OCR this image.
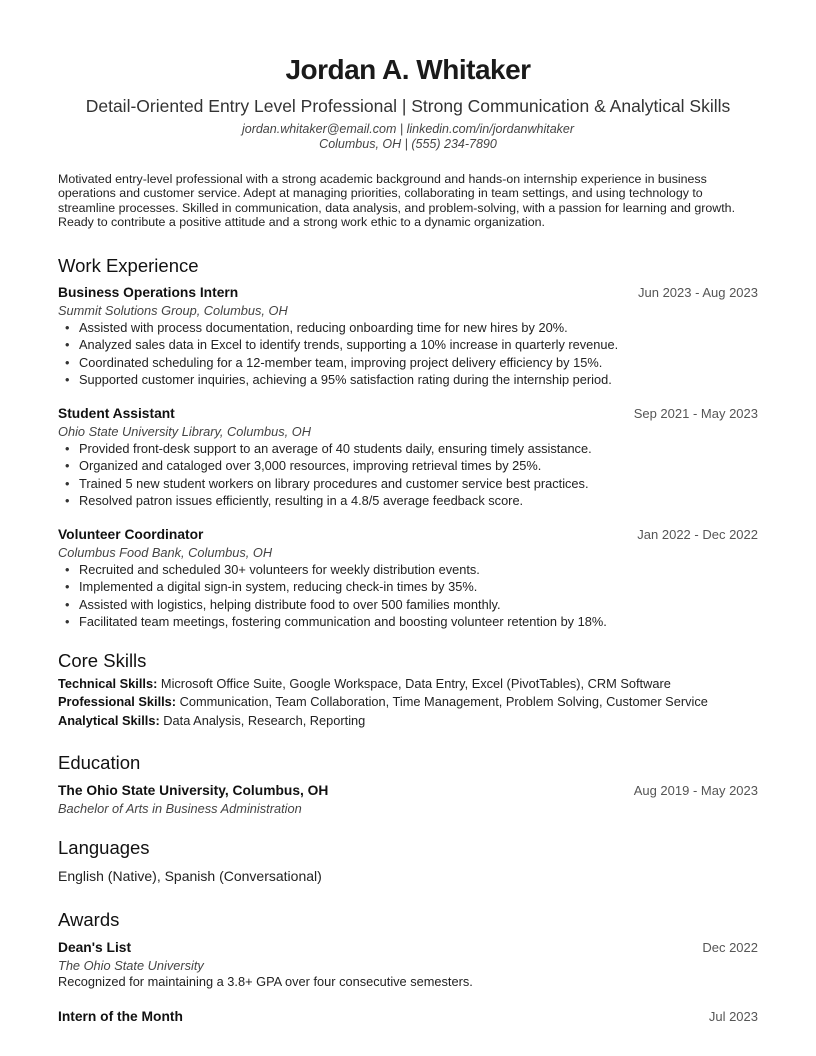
Jordan A. Whitaker
Detail-Oriented Entry Level Professional | Strong Communication & Analytical Skills
jordan.whitaker@email.com | linkedin.com/in/jordanwhitaker
Columbus, OH | (555) 234-7890
Motivated entry-level professional with a strong academic background and hands-on internship experience in business operations and customer service. Adept at managing priorities, collaborating in team settings, and using technology to streamline processes. Skilled in communication, data analysis, and problem-solving, with a passion for learning and growth. Ready to contribute a positive attitude and a strong work ethic to a dynamic organization.
Work Experience
Business Operations Intern	Jun 2023 - Aug 2023
Summit Solutions Group, Columbus, OH
• Assisted with process documentation, reducing onboarding time for new hires by 20%.
• Analyzed sales data in Excel to identify trends, supporting a 10% increase in quarterly revenue.
• Coordinated scheduling for a 12-member team, improving project delivery efficiency by 15%.
• Supported customer inquiries, achieving a 95% satisfaction rating during the internship period.
Student Assistant	Sep 2021 - May 2023
Ohio State University Library, Columbus, OH
• Provided front-desk support to an average of 40 students daily, ensuring timely assistance.
• Organized and cataloged over 3,000 resources, improving retrieval times by 25%.
• Trained 5 new student workers on library procedures and customer service best practices.
• Resolved patron issues efficiently, resulting in a 4.8/5 average feedback score.
Volunteer Coordinator	Jan 2022 - Dec 2022
Columbus Food Bank, Columbus, OH
• Recruited and scheduled 30+ volunteers for weekly distribution events.
• Implemented a digital sign-in system, reducing check-in times by 35%.
• Assisted with logistics, helping distribute food to over 500 families monthly.
• Facilitated team meetings, fostering communication and boosting volunteer retention by 18%.
Core Skills
Technical Skills: Microsoft Office Suite, Google Workspace, Data Entry, Excel (PivotTables), CRM Software
Professional Skills: Communication, Team Collaboration, Time Management, Problem Solving, Customer Service
Analytical Skills: Data Analysis, Research, Reporting
Education
The Ohio State University, Columbus, OH	Aug 2019 - May 2023
Bachelor of Arts in Business Administration
Languages
English (Native), Spanish (Conversational)
Awards
Dean's List	Dec 2022
The Ohio State University
Recognized for maintaining a 3.8+ GPA over four consecutive semesters.
Intern of the Month	Jul 2023
